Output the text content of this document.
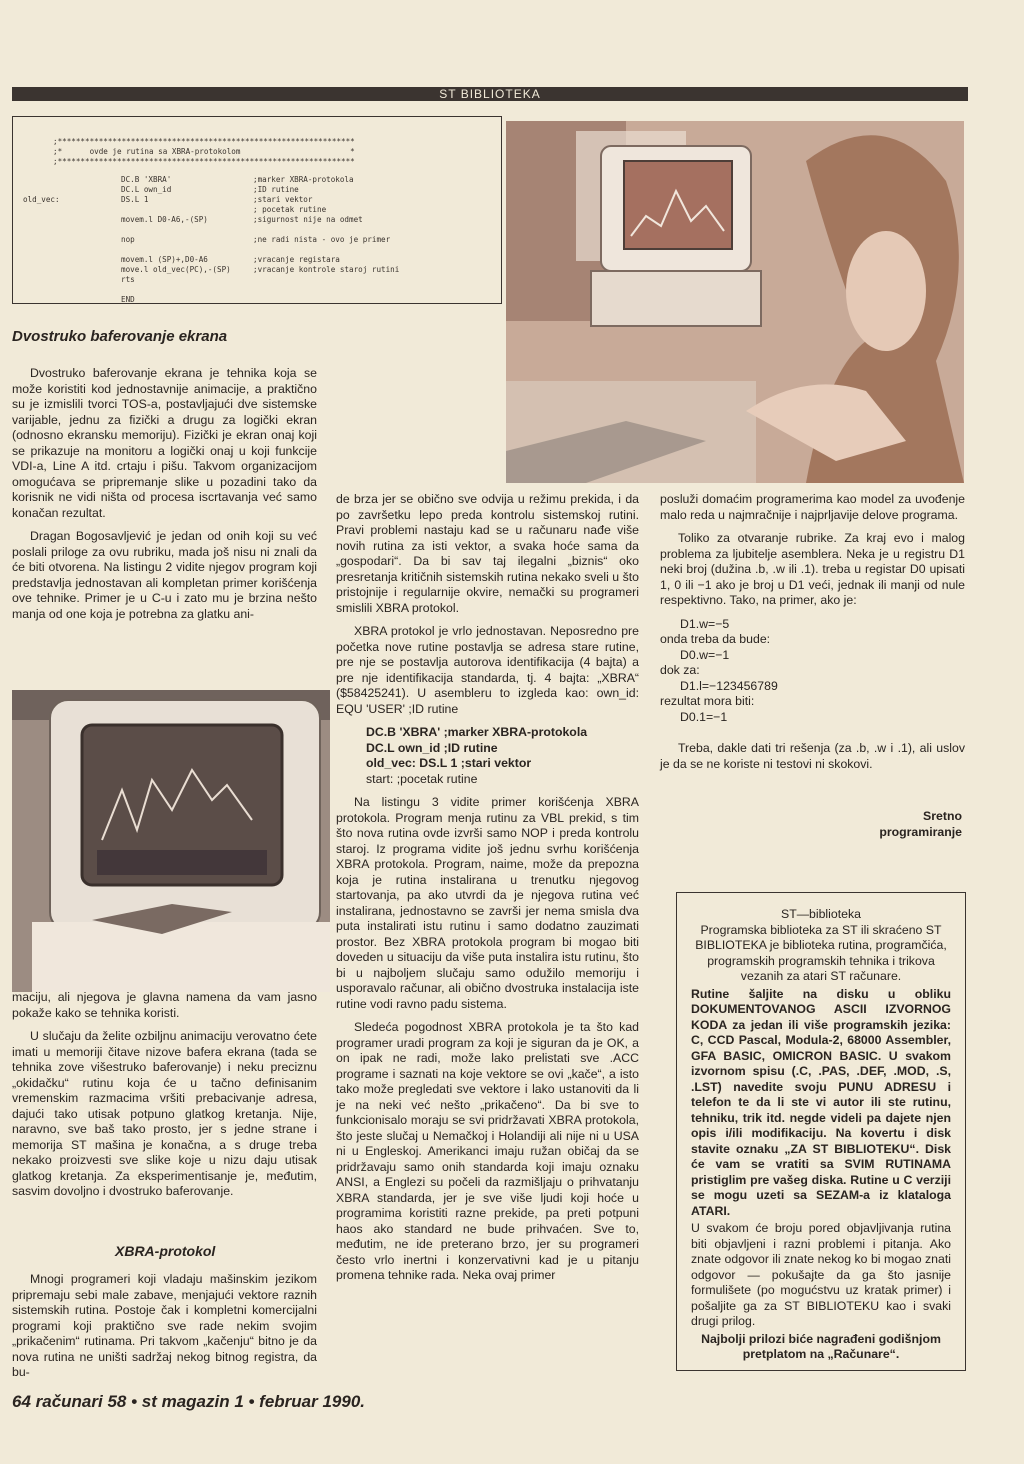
ST BIBLIOTEKA
;*****************************************************************
;*      ovde je rutina sa XBRA-protokolom                        *
;*****************************************************************
DC.B 'XBRA'	;marker XBRA-protokola
DC.L own_id	;ID rutine
old_vec:	DS.L 1	;stari vektor
; pocetak rutine
movem.l D0-A6,-(SP)	;sigurnost nije na odmet
nop	;ne radi nista - ovo je primer
movem.l (SP)+,D0-A6	;vracanje registara
move.l old_vec(PC),-(SP)	;vracanje kontrole staroj rutini
rts
END
Dvostruko baferovanje ekrana

Dvostruko baferovanje ekrana je tehnika koja se može koristiti kod jednostavnije animacije, a praktično su je izmislili tvorci TOS-a, postavljajući dve sistemske varijable, jednu za fizički a drugu za logički ekran (odnosno ekransku memoriju). Fizički je ekran onaj koji se prikazuje na monitoru a logički onaj u koji funkcije VDI-a, Line A itd. crtaju i pišu. Takvom organizacijom omogućava se pripremanje slike u pozadini tako da korisnik ne vidi ništa od procesa iscrtavanja već samo konačan rezultat.

Dragan Bogosavljević je jedan od onih koji su već poslali priloge za ovu rubriku, mada još nisu ni znali da će biti otvorena. Na listingu 2 vidite njegov program koji predstavlja jednostavan ali kompletan primer korišćenja ove tehnike. Primer je u C-u i zato mu je brzina nešto manja od one koja je potrebna za glatku ani-

maciju, ali njegova je glavna namena da vam jasno pokaže kako se tehnika koristi.

U slučaju da želite ozbiljnu animaciju verovatno ćete imati u memoriji čitave nizove bafera ekrana (tada se tehnika zove višestruko baferovanje) i neku preciznu „okidačku“ rutinu koja će u tačno definisanim vremenskim razmacima vršiti prebacivanje adresa, dajući tako utisak potpuno glatkog kretanja. Nije, naravno, sve baš tako prosto, jer s jedne strane i memorija ST mašina je konačna, a s druge treba nekako proizvesti sve slike koje u nizu daju utisak glatkog kretanja. Za eksperimentisanje je, međutim, sasvim dovoljno i dvostruko baferovanje.

XBRA-protokol

Mnogi programeri koji vladaju mašinskim jezikom pripremaju sebi male zabave, menjajući vektore raznih sistemskih rutina. Postoje čak i kompletni komercijalni programi koji praktično sve rade nekim svojim „prikačenim“ rutinama. Pri takvom „kačenju“ bitno je da nova rutina ne uništi sadržaj nekog bitnog registra, da bu-

de brza jer se obično sve odvija u režimu prekida, i da po završetku lepo preda kontrolu sistemskoj rutini. Pravi problemi nastaju kad se u računaru nađe više novih rutina za isti vektor, a svaka hoće sama da „gospodari“. Da bi sav taj ilegalni „biznis“ oko presretanja kritičnih sistemskih rutina nekako sveli u što pristojnije i regularnije okvire, nemački su programeri smislili XBRA protokol.

XBRA protokol je vrlo jednostavan. Neposredno pre početka nove rutine postavlja se adresa stare rutine, pre nje se postavlja autorova identifikacija (4 bajta) a pre nje identifikacija standarda, tj. 4 bajta: „XBRA“ ($58425241). U asembleru to izgleda kao: own_id: EQU 'USER' ;ID rutine

DC.B 'XBRA' ;marker XBRA-protokola
DC.L own_id ;ID rutine
old_vec: DS.L 1 ;stari vektor
start: ;pocetak rutine

Na listingu 3 vidite primer korišćenja XBRA protokola. Program menja rutinu za VBL prekid, s tim što nova rutina ovde izvrši samo NOP i preda kontrolu staroj. Iz programa vidite još jednu svrhu korišćenja XBRA protokola. Program, naime, može da prepozna koja je rutina instalirana u trenutku njegovog startovanja, pa ako utvrdi da je njegova rutina već instalirana, jednostavno se završi jer nema smisla dva puta instalirati istu rutinu i samo dodatno zauzimati prostor. Bez XBRA protokola program bi mogao biti doveden u situaciju da više puta instalira istu rutinu, što bi u najboljem slučaju samo odužilo memoriju i usporavalo računar, ali obično dvostruka instalacija iste rutine vodi ravno padu sistema.

Sledeća pogodnost XBRA protokola je ta što kad programer uradi program za koji je siguran da je OK, a on ipak ne radi, može lako prelistati sve .ACC programe i saznati na koje vektore se ovi „kače“, a isto tako može pregledati sve vektore i lako ustanoviti da li je na neki već nešto „prikačeno“. Da bi sve to funkcionisalo moraju se svi pridržavati XBRA protokola, što jeste slučaj u Nemačkoj i Holandiji ali nije ni u USA ni u Engleskoj. Amerikanci imaju ružan običaj da se pridržavaju samo onih standarda koji imaju oznaku ANSI, a Englezi su počeli da razmišljaju o prihvatanju XBRA standarda, jer je sve više ljudi koji hoće u programima koristiti razne prekide, pa preti potpuni haos ako standard ne bude prihvaćen. Sve to, međutim, ne ide preterano brzo, jer su programeri često vrlo inertni i konzervativni kad je u pitanju promena tehnike rada. Neka ovaj primer

posluži domaćim programerima kao model za uvođenje malo reda u najmračnije i najprljavije delove programa.

Toliko za otvaranje rubrike. Za kraj evo i malog problema za ljubitelje asemblera. Neka je u registru D1 neki broj (dužina .b, .w ili .1). treba u registar D0 upisati 1, 0 ili −1 ako je broj u D1 veći, jednak ili manji od nule respektivno. Tako, na primer, ako je:

D1.w=−5
onda treba da bude:
D0.w=−1
dok za:
D1.l=−123456789
rezultat mora biti:
D0.1=−1

Treba, dakle dati tri rešenja (za .b, .w i .1), ali uslov je da se ne koriste ni testovi ni skokovi.

Sretno
programiranje

ST—biblioteka

Programska biblioteka za ST ili skraćeno ST BIBLIOTEKA je biblioteka rutina, programčića, programskih programskih tehnika i trikova vezanih za atari ST računare.

Rutine šaljite na disku u obliku DOKUMENTOVANOG ASCII IZVORNOG KODA za jedan ili više programskih jezika: C, CCD Pascal, Modula-2, 68000 Assembler, GFA BASIC, OMICRON BASIC. U svakom izvornom spisu (.C, .PAS, .DEF, .MOD, .S, .LST) navedite svoju PUNU ADRESU i telefon te da li ste vi autor ili ste rutinu, tehniku, trik itd. negde videli pa dajete njen opis i/ili modifikaciju. Na kovertu i disk stavite oznaku „ZA ST BIBLIOTEKU“. Disk će vam se vratiti sa SVIM RUTINAMA pristiglim pre vašeg diska. Rutine u C verziji se mogu uzeti sa SEZAM-a iz klataloga ATARI.

U svakom će broju pored objavljivanja rutina biti objavljeni i razni problemi i pitanja. Ako znate odgovor ili znate nekog ko bi mogao znati odgovor — pokušajte da ga što jasnije formulišete (po mogućstvu uz kratak primer) i pošaljite ga za ST BIBLIOTEKU kao i svaki drugi prilog.

Najbolji prilozi biće nagrađeni godišnjom pretplatom na „Računare“.

64 računari 58 • st magazin 1 • februar 1990.
